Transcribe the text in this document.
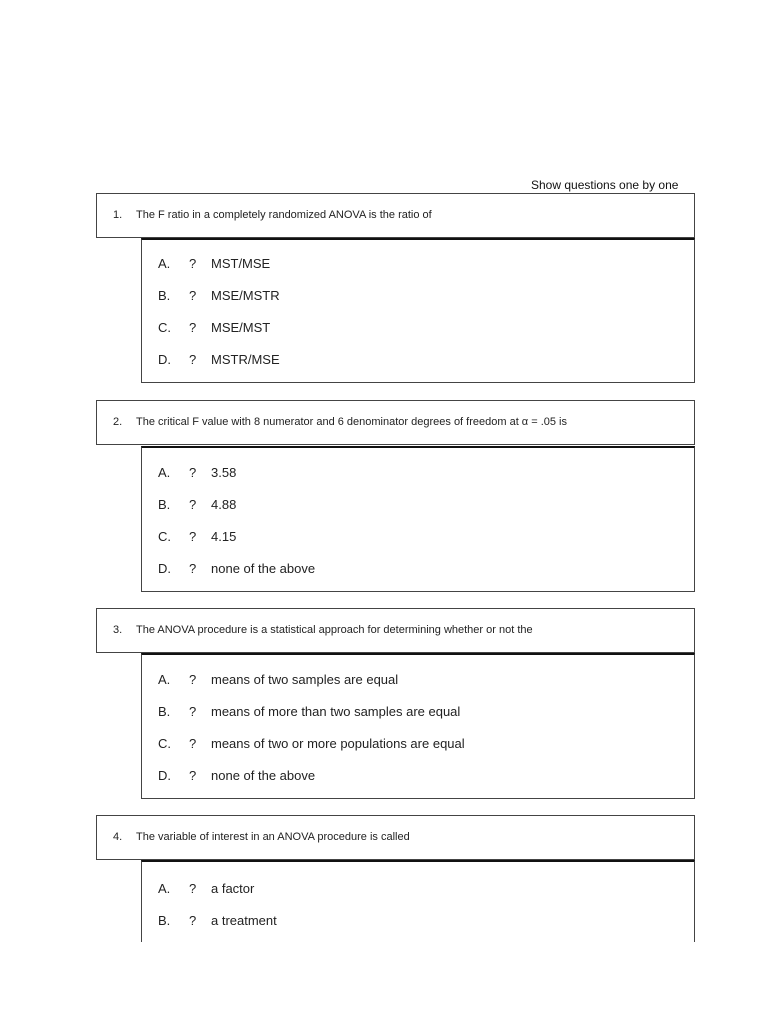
Show questions one by one
1. The F ratio in a completely randomized ANOVA is the ratio of
A. ? MST/MSE
B. ? MSE/MSTR
C. ? MSE/MST
D. ? MSTR/MSE
2. The critical F value with 8 numerator and 6 denominator degrees of freedom at α = .05 is
A. ? 3.58
B. ? 4.88
C. ? 4.15
D. ? none of the above
3. The ANOVA procedure is a statistical approach for determining whether or not the
A. ? means of two samples are equal
B. ? means of more than two samples are equal
C. ? means of two or more populations are equal
D. ? none of the above
4. The variable of interest in an ANOVA procedure is called
A. ? a factor
B. ? a treatment
